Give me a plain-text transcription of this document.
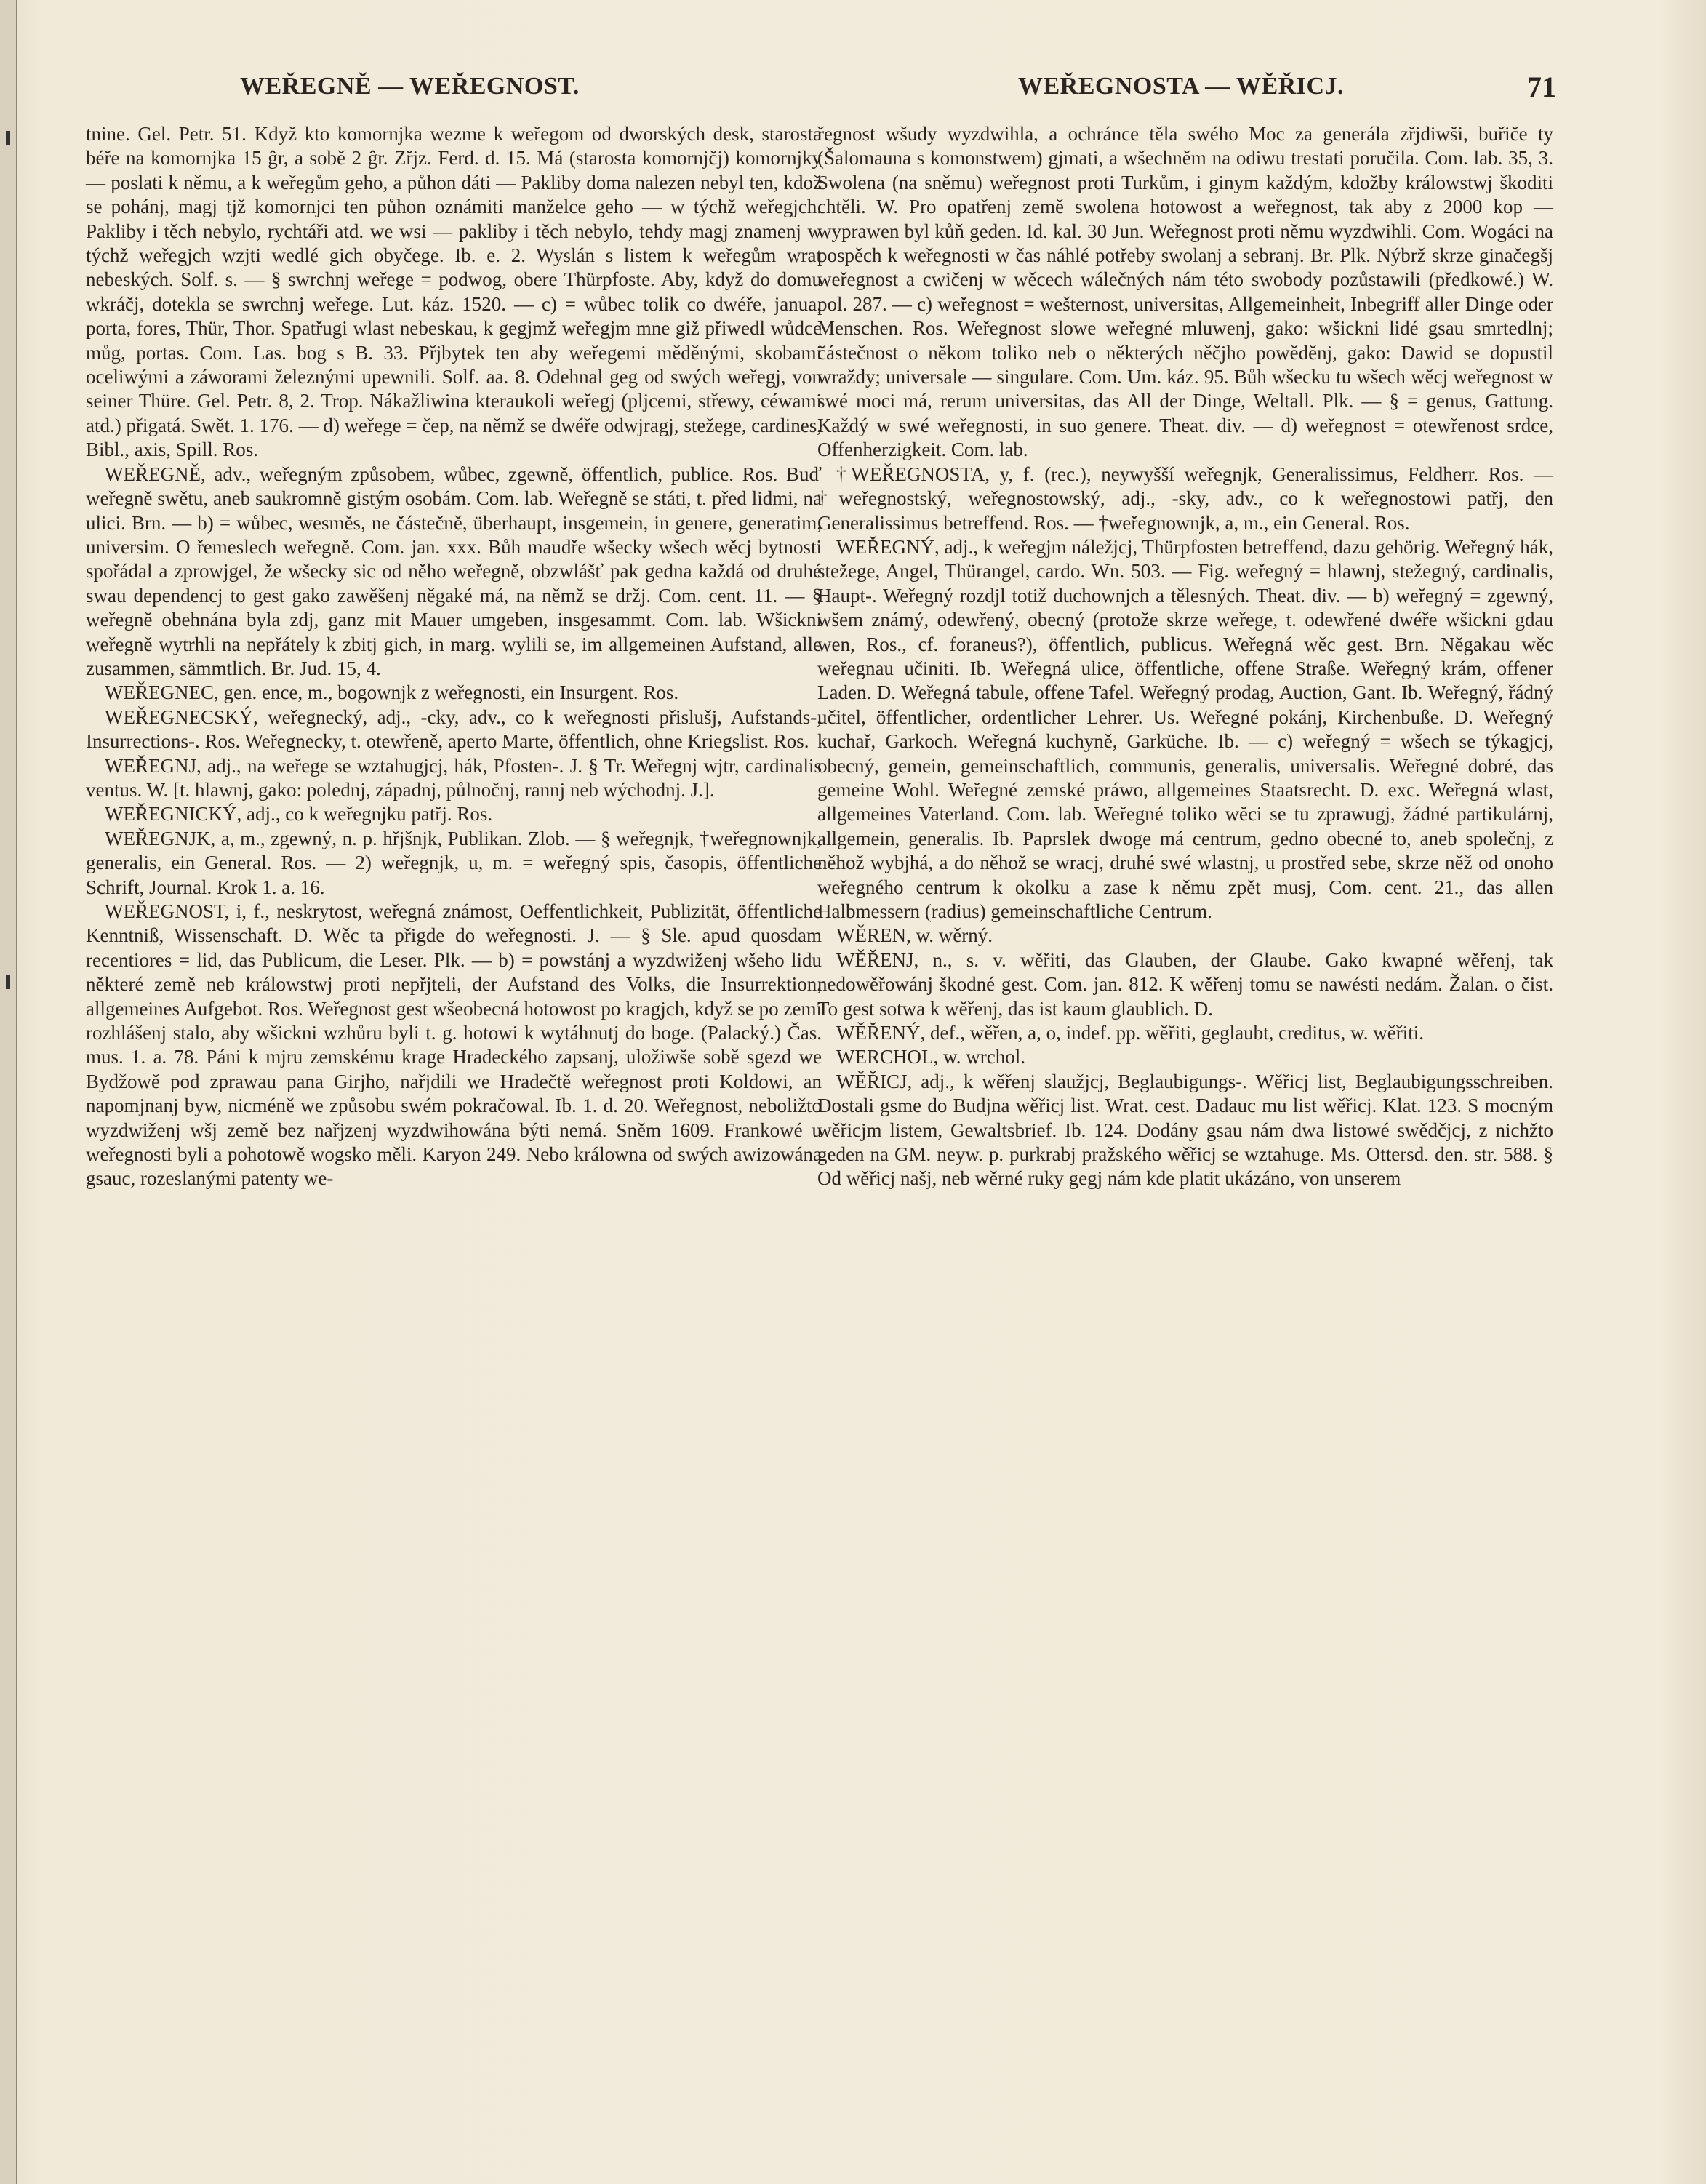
WEŘEGNĚ — WEŘEGNOST.	WEŘEGNOSTA — WĚŘICJ.	71

tnine. Gel. Petr. 51. Když kto komornjka wezme k weřegom od dworských desk, starosta béře na komornjka 15 ĝr, a sobě 2 ĝr. Zřjz. Ferd. d. 15. Má (starosta komornjčj) komornjky — poslati k němu, a k weřegům geho, a půhon dáti — Pakliby doma nalezen nebyl ten, kdož se pohánj, magj tjž komornjci ten půhon oznámiti manželce geho — w týchž weřegjch. Pakliby i těch nebylo, rychtáři atd. we wsi — pakliby i těch nebylo, tehdy magj znamenj w týchž weřegjch wzjti wedlé gich obyčege. Ib. e. 2. Wyslán s listem k weřegům wrat nebeských. Solf. s. — § swrchnj weřege = podwog, obere Thürpfoste. Aby, když do domu wkráčj, dotekla se swrchnj weřege. Lut. káz. 1520. — c) = wůbec tolik co dwéře, janua, porta, fores, Thür, Thor. Spatřugi wlast nebeskau, k gegjmž weřegjm mne giž přiwedl wůdce můg, portas. Com. Las. bog s B. 33. Přjbytek ten aby weřegemi měděnými, skobami oceliwými a záworami železnými upewnili. Solf. aa. 8. Odehnal geg od swých weřegj, von seiner Thüre. Gel. Petr. 8, 2. Trop. Nákažliwina kteraukoli weřegj (pljcemi, střewy, céwami atd.) přigatá. Swět. 1. 176. — d) weřege = čep, na němž se dwéře odwjragj, stežege, cardines, Bibl., axis, Spill. Ros.

WEŘEGNĚ, adv., weřegným způsobem, wůbec, zgewně, öffentlich, publice. Ros. Buď weřegně swětu, aneb saukromně gistým osobám. Com. lab. Weřegně se státi, t. před lidmi, na ulici. Brn. — b) = wůbec, wesměs, ne částečně, überhaupt, insgemein, in genere, generatim, universim. O řemeslech weřegně. Com. jan. xxx. Bůh maudře wšecky wšech wěcj bytnosti spořádal a zprowjgel, že wšecky sic od něho weřegně, obzwlášť pak gedna každá od druhé swau dependencj to gest gako zawěšenj něgaké má, na němž se držj. Com. cent. 11. — § weřegně obehnána byla zdj, ganz mit Mauer umgeben, insgesammt. Com. lab. Wšickni weřegně wytrhli na nepřátely k zbitj gich, in marg. wylili se, im allgemeinen Aufstand, alle zusammen, sämmtlich. Br. Jud. 15, 4.

WEŘEGNEC, gen. ence, m., bogownjk z weřegnosti, ein Insurgent. Ros.

WEŘEGNECSKÝ, weřegnecký, adj., -cky, adv., co k weřegnosti přislušj, Aufstands-, Insurrections-. Ros. Weřegnecky, t. otewřeně, aperto Marte, öffentlich, ohne Kriegslist. Ros.

WEŘEGNJ, adj., na weřege se wztahugjcj, hák, Pfosten-. J. § Tr. Weřegnj wjtr, cardinalis ventus. W. [t. hlawnj, gako: polednj, západnj, půlnočnj, rannj neb wýchodnj. J.].

WEŘEGNICKÝ, adj., co k weřegnjku patřj. Ros.

WEŘEGNJK, a, m., zgewný, n. p. hřjšnjk, Publikan. Zlob. — § weřegnjk, †weřegnownjk, generalis, ein General. Ros. — 2) weřegnjk, u, m. = weřegný spis, časopis, öffentliche Schrift, Journal. Krok 1. a. 16.

WEŘEGNOST, i, f., neskrytost, weřegná známost, Oeffentlichkeit, Publizität, öffentliche Kenntniß, Wissenschaft. D. Wěc ta přigde do weřegnosti. J. — § Sle. apud quosdam recentiores = lid, das Publicum, die Leser. Plk. — b) = powstánj a wyzdwiženj wšeho lidu některé země neb králowstwj proti nepřjteli, der Aufstand des Volks, die Insurrektion, allgemeines Aufgebot. Ros. Weřegnost gest wšeobecná hotowost po kragjch, když se po zemi rozhlášenj stalo, aby wšickni wzhůru byli t. g. hotowi k wytáhnutj do boge. (Palacký.) Čas. mus. 1. a. 78. Páni k mjru zemskému krage Hradeckého zapsanj, uložiwše sobě sgezd we Bydžowě pod zprawau pana Girjho, nařjdili we Hradečtě weřegnost proti Koldowi, an napomjnanj byw, nicméně we způsobu swém pokračowal. Ib. 1. d. 20. Weřegnost, neboližto wyzdwiženj wšj země bez nařjzenj wyzdwihowána býti nemá. Sněm 1609. Frankowé u weřegnosti byli a pohotowě wogsko měli. Karyon 249. Nebo králowna od swých awizowána gsauc, rozeslanými patenty we-

řegnost wšudy wyzdwihla, a ochránce těla swého Moc za generála zřjdiwši, buřiče ty (Šalomauna s komonstwem) gjmati, a wšechněm na odiwu trestati poručila. Com. lab. 35, 3. Swolena (na sněmu) weřegnost proti Turkům, i ginym každým, kdožby králowstwj škoditi chtěli. W. Pro opatřenj země swolena hotowost a weřegnost, tak aby z 2000 kop — wyprawen byl kůň geden. Id. kal. 30 Jun. Weřegnost proti němu wyzdwihli. Com. Wogáci na pospěch k weřegnosti w čas náhlé potřeby swolanj a sebranj. Br. Plk. Nýbrž skrze ginačegšj weřegnost a cwičenj w wěcech wálečných nám této swobody pozůstawili (předkowé.) W. pol. 287. — c) weřegnost = wešternost, universitas, Allgemeinheit, Inbegriff aller Dinge oder Menschen. Ros. Weřegnost slowe weřegné mluwenj, gako: wšickni lidé gsau smrtedlnj; částečnost o někom toliko neb o některých něčjho powěděnj, gako: Dawid se dopustil wraždy; universale — singulare. Com. Um. káz. 95. Bůh wšecku tu wšech wěcj weřegnost w swé moci má, rerum universitas, das All der Dinge, Weltall. Plk. — § = genus, Gattung. Každý w swé weřegnosti, in suo genere. Theat. div. — d) weřegnost = otewřenost srdce, Offenherzigkeit. Com. lab.

†WEŘEGNOSTA, y, f. (rec.), neywyšší weřegnjk, Generalissimus, Feldherr. Ros. — †weřegnostský, weřegnostowský, adj., -sky, adv., co k weřegnostowi patřj, den Generalissimus betreffend. Ros. — †weřegnownjk, a, m., ein General. Ros.

WEŘEGNÝ, adj., k weřegjm náležjcj, Thürpfosten betreffend, dazu gehörig. Weřegný hák, stežege, Angel, Thürangel, cardo. Wn. 503. — Fig. weřegný = hlawnj, stežegný, cardinalis, Haupt-. Weřegný rozdjl totiž duchownjch a tělesných. Theat. div. — b) weřegný = zgewný, wšem známý, odewřený, obecný (protože skrze weřege, t. odewřené dwéře wšickni gdau wen, Ros., cf. foraneus?), öffentlich, publicus. Weřegná wěc gest. Brn. Něgakau wěc weřegnau učiniti. Ib. Weřegná ulice, öffentliche, offene Straße. Weřegný krám, offener Laden. D. Weřegná tabule, offene Tafel. Weřegný prodag, Auction, Gant. Ib. Weřegný, řádný učitel, öffentlicher, ordentlicher Lehrer. Us. Weřegné pokánj, Kirchenbuße. D. Weřegný kuchař, Garkoch. Weřegná kuchyně, Garküche. Ib. — c) weřegný = wšech se týkagjcj, obecný, gemein, gemeinschaftlich, communis, generalis, universalis. Weřegné dobré, das gemeine Wohl. Weřegné zemské práwo, allgemeines Staatsrecht. D. exc. Weřegná wlast, allgemeines Vaterland. Com. lab. Weřegné toliko wěci se tu zprawugj, žádné partikulárnj, allgemein, generalis. Ib. Paprslek dwoge má centrum, gedno obecné to, aneb společnj, z něhož wybjhá, a do něhož se wracj, druhé swé wlastnj, u prostřed sebe, skrze něž od onoho weřegného centrum k okolku a zase k němu zpět musj, Com. cent. 21., das allen Halbmessern (radius) gemeinschaftliche Centrum.

WĚREN, w. wěrný.

WĚŘENJ, n., s. v. wěřiti, das Glauben, der Glaube. Gako kwapné wěřenj, tak nedowěřowánj škodné gest. Com. jan. 812. K wěřenj tomu se nawésti nedám. Žalan. o čist. To gest sotwa k wěřenj, das ist kaum glaublich. D.

WĚŘENÝ, def., wěřen, a, o, indef. pp. wěřiti, geglaubt, creditus, w. wěřiti.

WERCHOL, w. wrchol.

WĚŘICJ, adj., k wěřenj slaužjcj, Beglaubigungs-. Wěřicj list, Beglaubigungsschreiben. Dostali gsme do Budjna wěřicj list. Wrat. cest. Dadauc mu list wěřicj. Klat. 123. S mocným wěřicjm listem, Gewaltsbrief. Ib. 124. Dodány gsau nám dwa listowé swědčjcj, z nichžto geden na GM. neyw. p. purkrabj pražského wěřicj se wztahuge. Ms. Ottersd. den. str. 588. § Od wěřicj našj, neb wěrné ruky gegj nám kde platit ukázáno, von unserem
